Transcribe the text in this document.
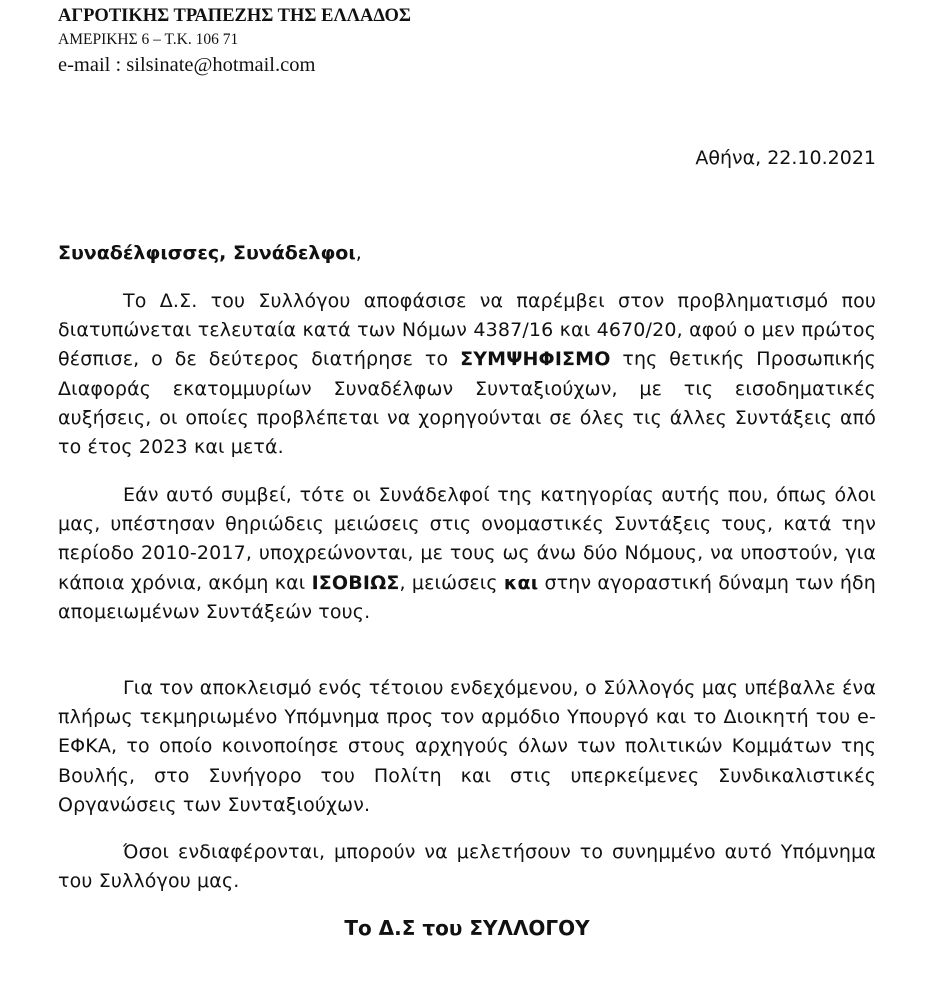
ΑΓΡΟΤΙΚΗΣ ΤΡΑΠΕΖΗΣ ΤΗΣ ΕΛΛΑΔΟΣ
ΑΜΕΡΙΚΗΣ 6 – Τ.Κ. 106 71
e-mail : silsinate@hotmail.com
Αθήνα, 22.10.2021
Συναδέλφισσες, Συνάδελφοι,

Το Δ.Σ. του Συλλόγου αποφάσισε να παρέμβει στον προβληματισμό που διατυπώνεται τελευταία κατά των Νόμων 4387/16 και 4670/20, αφού ο μεν πρώτος θέσπισε, ο δε δεύτερος διατήρησε το ΣΥΜΨΗΦΙΣΜΟ της θετικής Προσωπικής Διαφοράς εκατομμυρίων Συναδέλφων Συνταξιούχων, με τις εισοδηματικές αυξήσεις, οι οποίες προβλέπεται να χορηγούνται σε όλες τις άλλες Συντάξεις από το έτος 2023 και μετά.

Εάν αυτό συμβεί, τότε οι Συνάδελφοί της κατηγορίας αυτής που, όπως όλοι μας, υπέστησαν θηριώδεις μειώσεις στις ονομαστικές Συντάξεις τους, κατά την περίοδο 2010-2017, υποχρεώνονται, με τους ως άνω δύο Νόμους, να υποστούν, για κάποια χρόνια, ακόμη και ΙΣΟΒΙΩΣ, μειώσεις και στην αγοραστική δύναμη των ήδη απομειωμένων Συντάξεών τους.

Για τον αποκλεισμό ενός τέτοιου ενδεχόμενου, ο Σύλλογός μας υπέβαλλε ένα πλήρως τεκμηριωμένο Υπόμνημα προς τον αρμόδιο Υπουργό και το Διοικητή του e-ΕΦΚΑ, το οποίο κοινοποίησε στους αρχηγούς όλων των πολιτικών Κομμάτων της Βουλής, στο Συνήγορο του Πολίτη και στις υπερκείμενες Συνδικαλιστικές Οργανώσεις των Συνταξιούχων.

Όσοι ενδιαφέρονται, μπορούν να μελετήσουν το συνημμένο αυτό Υπόμνημα του Συλλόγου μας.

Το Δ.Σ του ΣΥΛΛΟΓΟΥ
